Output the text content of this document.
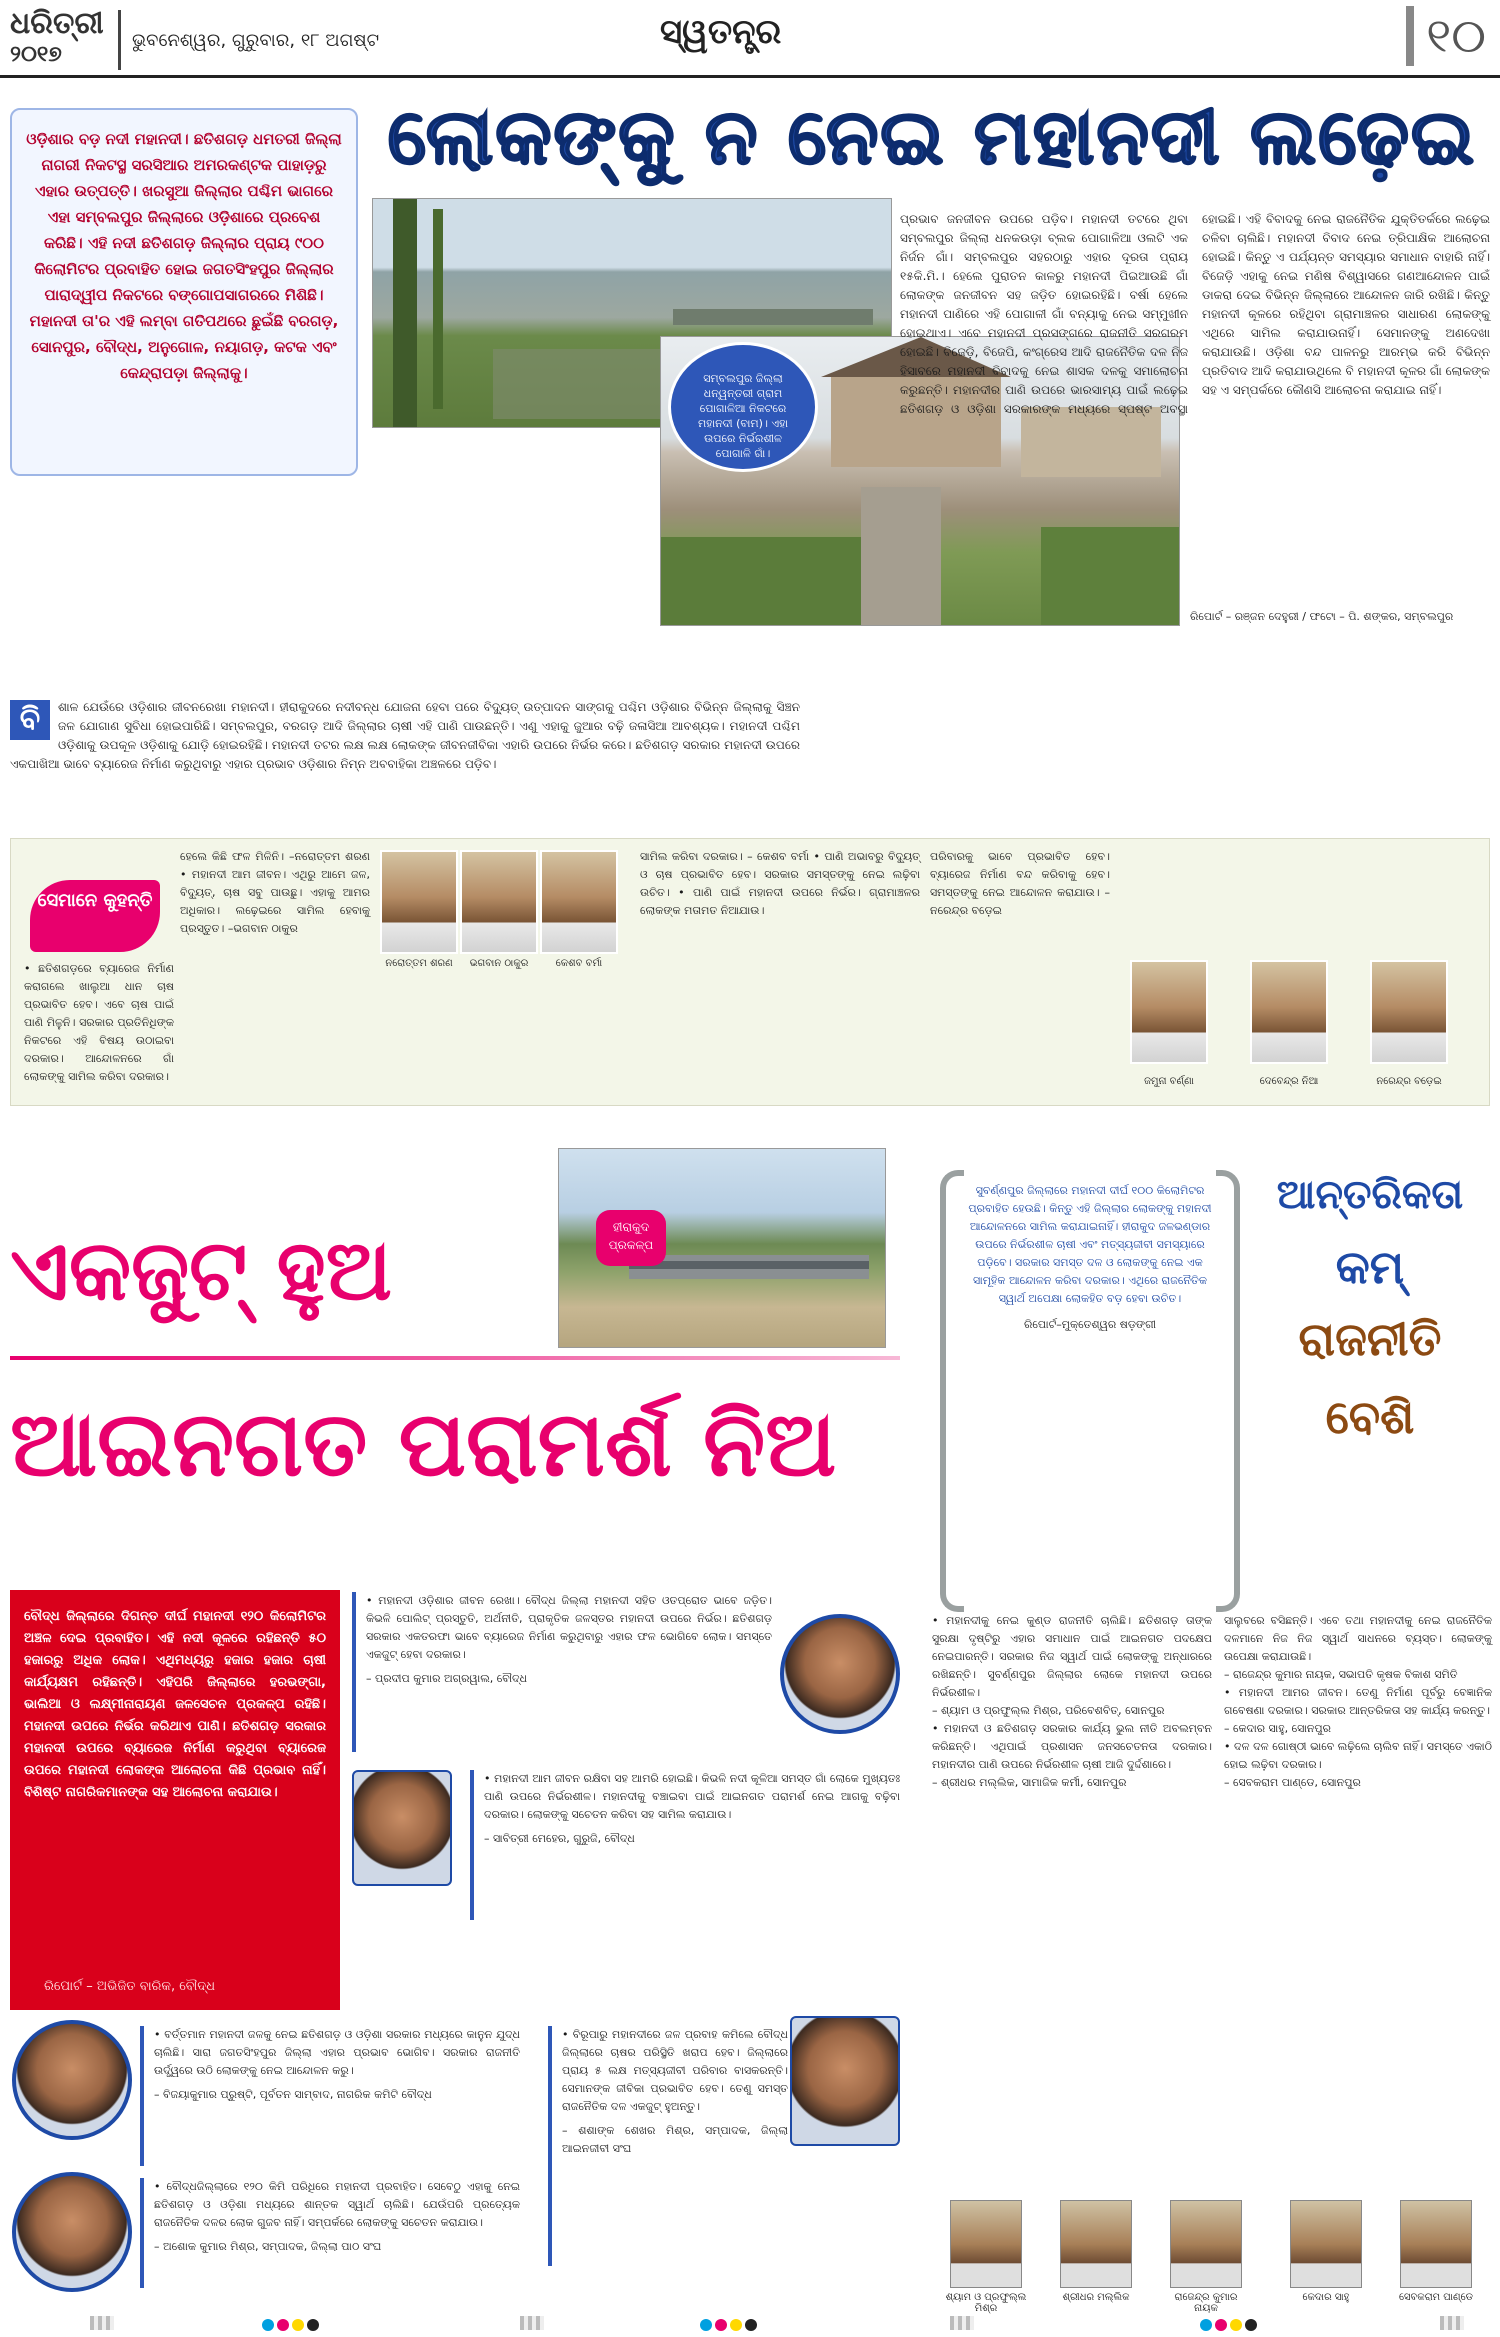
ଧରିତ୍ରୀ
୨୦୧୭
ଭୁବନେଶ୍ୱର, ଗୁରୁବାର, ୧୮ ଅଗଷ୍ଟ	ସ୍ୱତନ୍ତ୍ର	୧୦

ଓଡ଼ିଶାର ବଡ଼ ନଦୀ ମହାନଦୀ। ଛତିଶଗଡ଼ ଧମତରୀ ଜିଲ୍ଲା ନାଗରୀ ନିକଟସ୍ଥ ସରସିଆର ଅମରକଣ୍ଟକ ପାହାଡ଼ରୁ ଏହାର ଉତ୍ପତ୍ତି। ଖରସୁଆ ଜିଲ୍ଲାର ପଶ୍ଚିମ ଭାଗରେ ଏହା ସମ୍ବଲପୁର ଜିଲ୍ଲାରେ ଓଡ଼ିଶାରେ ପ୍ରବେଶ କରିଛି। ଏହି ନଦୀ ଛତିଶଗଡ଼ ଜିଲ୍ଲାର ପ୍ରାୟ ୯୦୦ କିଲୋମିଟର ପ୍ରବାହିତ ହୋଇ ଜଗତସିଂହପୁର ଜିଲ୍ଲାର ପାରାଦ୍ୱୀପ ନିକଟରେ ବଙ୍ଗୋପସାଗରରେ ମିଶିଛି। ମହାନଦୀ ତା'ର ଏହି ଲମ୍ବା ଗତିପଥରେ ଛୁଇଁଛି ବରଗଡ଼, ସୋନପୁର, ବୌଦ୍ଧ, ଅନୁଗୋଳ, ନୟାଗଡ଼, କଟକ ଏବଂ କେନ୍ଦ୍ରାପଡ଼ା ଜିଲ୍ଲାକୁ।

ଲୋକଙ୍କୁ ନ ନେଇ ମହାନଦୀ ଲଢ଼େଇ
ସମ୍ବଲପୁର ଜିଲ୍ଲା ଧନ୍ୱନ୍ତରୀ ଗ୍ରାମ ପୋଗାଳିଆ ନିକଟରେ ମହାନଦୀ (ବାମ)। ଏହା ଉପରେ ନିର୍ଭରଶୀଳ ପୋଗାଳି ଗାଁ।
ପ୍ରଭାବ ଜନଜୀବନ ଉପରେ ପଡ଼ିବ। ମହାନଦୀ ତଟରେ ଥିବା ସମ୍ବଲପୁର ଜିଲ୍ଲା ଧନକଉଡ଼ା ବ୍ଲକ ପୋଗାଳିଆ ଓଲଟି ଏକ ନିର୍ଜନ ଗାଁ। ସମ୍ବଲପୁର ସହରଠାରୁ ଏହାର ଦୂରତା ପ୍ରାୟ ୧୫କି.ମି.। ହେଲେ ପୁରାତନ କାଳରୁ ମହାନଦୀ ପିଇଆଉଛି ଗାଁ ଲୋକଙ୍କ ଜନଜୀବନ ସହ ଜଡ଼ିତ ହୋଇରହିଛି। ବର୍ଷା ହେଲେ ମହାନଦୀ ପାଣିରେ ଏହି ପୋଗାଳୀ ଗାଁ ବନ୍ୟାକୁ ନେଇ ସମ୍ମୁଖୀନ ହୋଇଥାଏ। ଏବେ ମହାନଦୀ ପ୍ରସଙ୍ଗରେ ରାଜନୀତି ସରଗରମ ହୋଇଛି। ବିଜେଡ଼ି, ବିଜେପି, କଂଗ୍ରେସ ଆଦି ରାଜନୈତିକ ଦଳ ନିଜ ହିସାବରେ ମହାନଦୀ ବିବାଦକୁ ନେଇ ଶାସକ ଦଳକୁ ସମାଲୋଚନା କରୁଛନ୍ତି। ମହାନଦୀର ପାଣି ଉପରେ ଭାରସାମ୍ୟ ପାଇଁ ଲଢ଼େଇ ଛତିଶଗଡ଼ ଓ ଓଡ଼ିଶା ସରକାରଙ୍କ ମଧ୍ୟରେ ସ୍ପଷ୍ଟ ଅବସ୍ଥା ହୋଇଛି। ଏହି ବିବାଦକୁ ନେଇ ରାଜନୈତିକ ଯୁକ୍ତିତର୍କରେ ଲଢ଼େଇ ଚଳିବା ଚାଲିଛି। ମହାନଦୀ ବିବାଦ ନେଇ ତ୍ରିପାକ୍ଷିକ ଆଲୋଚନା ହୋଇଛି। କିନ୍ତୁ ଏ ପର୍ଯ୍ୟନ୍ତ ସମସ୍ୟାର ସମାଧାନ ବାହାରି ନାହିଁ। ବିଜେଡ଼ି ଏହାକୁ ନେଇ ମଣିଷ ବିଶ୍ୱାସରେ ଗଣଆନ୍ଦୋଳନ ପାଇଁ ଡାକରା ଦେଇ ବିଭିନ୍ନ ଜିଲ୍ଲାରେ ଆନ୍ଦୋଳନ ଜାରି ରଖିଛି। କିନ୍ତୁ ମହାନଦୀ କୂଳରେ ରହିଥିବା ଗ୍ରାମାଞ୍ଚଳର ସାଧାରଣ ଲୋକଙ୍କୁ ଏଥିରେ ସାମିଲ କରାଯାଉନାହିଁ। ସେମାନଙ୍କୁ ଅଣଦେଖା କରାଯାଉଛି। ଓଡ଼ିଶା ବନ୍ଦ ପାଳନରୁ ଆରମ୍ଭ କରି ବିଭିନ୍ନ ପ୍ରତିବାଦ ଆଦି କରାଯାଉଥିଲେ ବି ମହାନଦୀ କୂଳର ଗାଁ ଲୋକଙ୍କ ସହ ଏ ସମ୍ପର୍କରେ କୌଣସି ଆଲୋଚନା କରାଯାଇ ନାହିଁ।
ରିପୋର୍ଟ – ରଞ୍ଜନ ଦେହୁରୀ / ଫଟୋ – ପି. ଶଙ୍କର, ସମ୍ବଲପୁର
ବି	ଶାଳ ଯେଉଁରେ ଓଡ଼ିଶାର ଜୀବନରେଖା ମହାନଦୀ। ହୀରାକୁଦରେ ନଦୀବନ୍ଧ ଯୋଜନା ହେବା ପରେ ବିଦ୍ୟୁତ୍ ଉତ୍ପାଦନ ସାଙ୍ଗକୁ ପଶ୍ଚିମ ଓଡ଼ିଶାର ବିଭିନ୍ନ ଜିଲ୍ଲାକୁ ସିଞ୍ଚନ ଜଳ ଯୋଗାଣ ସୁବିଧା ହୋଇପାରିଛି। ସମ୍ବଲପୁର, ବରଗଡ଼ ଆଦି ଜିଲ୍ଲାର ଚାଷୀ ଏହି ପାଣି ପାଉଛନ୍ତି। ଏଣୁ ଏହାକୁ ଜୁଆର ବଢ଼ି ଜଳାସିଆ ଆବଶ୍ୟକ। ମହାନଦୀ ପଶ୍ଚିମ ଓଡ଼ିଶାକୁ ଉପକୂଳ ଓଡ଼ିଶାକୁ ଯୋଡ଼ି ହୋଇରହିଛି। ମହାନଦୀ ତଟର ଲକ୍ଷ ଲକ୍ଷ ଲୋକଙ୍କ ଜୀବନଜୀବିକା ଏହାରି ଉପରେ ନିର୍ଭର କରେ। ଛତିଶଗଡ଼ ସରକାର ମହାନଦୀ ଉପରେ ଏକପାଖିଆ ଭାବେ ବ୍ୟାରେଜ ନିର୍ମାଣ କରୁଥିବାରୁ ଏହାର ପ୍ରଭାବ ଓଡ଼ିଶାର ନିମ୍ନ ଅବବାହିକା ଅଞ୍ଚଳରେ ପଡ଼ିବ।
ସେମାନେ କୁହନ୍ତି
• ଛତିଶଗଡ଼ରେ ବ୍ୟାରେଜ ନିର୍ମାଣ କରାଗଲେ ଖାଲୁଆ ଧାନ ଚାଷ ପ୍ରଭାବିତ ହେବ। ଏବେ ଚାଷ ପାଇଁ ପାଣି ମିଳୁନି। ସରକାର ପ୍ରତିନିଧିଙ୍କ ନିକଟରେ ଏହି ବିଷୟ ଉଠାଇବା ଦରକାର। ଆନ୍ଦୋଳନରେ ଗାଁ ଲୋକଙ୍କୁ ସାମିଲ କରିବା ଦରକାର।
ହେଲେ କିଛି ଫଳ ମିଳିନି। –ନରୋତ୍ତମ ଶରଣ • ମହାନଦୀ ଆମ ଜୀବନ। ଏଥିରୁ ଆମେ ଜଳ, ବିଦ୍ୟୁତ୍, ଚାଷ ସବୁ ପାଉଛୁ। ଏହାକୁ ଆମର ଅଧିକାର। ଲଢ଼େଇରେ ସାମିଲ ହେବାକୁ ପ୍ରସ୍ତୁତ। –ଭଗବାନ ଠାକୁର
ନରୋତ୍ତମ ଶରଣ	ଭଗବାନ ଠାକୁର	କେଶବ ବର୍ମା
ସାମିଲ କରିବା ଦରକାର। – କେଶବ ବର୍ମା • ପାଣି ଅଭାବରୁ ବିଦ୍ୟୁତ୍ ଓ ଚାଷ ପ୍ରଭାବିତ ହେବ। ସରକାର ସମସ୍ତଙ୍କୁ ନେଇ ଲଢ଼ିବା ଉଚିତ। • ପାଣି ପାଇଁ ମହାନଦୀ ଉପରେ ନିର୍ଭର। ଗ୍ରାମାଞ୍ଚଳର ଲୋକଙ୍କ ମତାମତ ନିଆଯାଉ।
ପରିବାରକୁ ଭାବେ ପ୍ରଭାବିତ ହେବ। ବ୍ୟାରେଜ ନିର୍ମାଣ ବନ୍ଦ କରିବାକୁ ହେବ। ସମସ୍ତଙ୍କୁ ନେଇ ଆନ୍ଦୋଳନ କରାଯାଉ। – ନରେନ୍ଦ୍ର ବଡ଼େଇ
ଜମୁନା ବର୍ଣ୍ଣା	ଦେବେନ୍ଦ୍ର ନିଆ	ନରେନ୍ଦ୍ର ବଡ଼େଇ
ହୀରାକୁଦ ପ୍ରକଳ୍ପ
ଏକଜୁଟ୍ ହୁଅ
ଆଇନଗତ ପରାମର୍ଶ ନିଅ
ସୁବର୍ଣ୍ଣପୁର ଜିଲ୍ଲାରେ ମହାନଦୀ ଦୀର୍ଘ ୧୦୦ କିଲୋମିଟର ପ୍ରବାହିତ ହେଉଛି। କିନ୍ତୁ ଏହି ଜିଲ୍ଲାର ଲୋକଙ୍କୁ ମହାନଦୀ ଆନ୍ଦୋଳନରେ ସାମିଲ କରାଯାଇନାହିଁ। ହୀରାକୁଦ ଜଳଭଣ୍ଡାର ଉପରେ ନିର୍ଭରଶୀଳ ଚାଷୀ ଏବଂ ମତ୍ସ୍ୟଜୀବୀ ସମସ୍ୟାରେ ପଡ଼ିବେ। ସରକାର ସମସ୍ତ ଦଳ ଓ ଲୋକଙ୍କୁ ନେଇ ଏକ ସାମୂହିକ ଆନ୍ଦୋଳନ କରିବା ଦରକାର। ଏଥିରେ ରାଜନୈତିକ ସ୍ୱାର୍ଥ ଅପେକ୍ଷା ଲୋକହିତ ବଡ଼ ହେବା ଉଚିତ।
ରିପୋର୍ଟ–ମୁକ୍ତେଶ୍ୱର ଷଡ଼ଙ୍ଗୀ
ଆନ୍ତରିକତା
କମ୍
ରାଜନୀତି
ବେଶି
ବୌଦ୍ଧ ଜିଲ୍ଲାରେ ଦିଗନ୍ତ ଦୀର୍ଘ ମହାନଦୀ ୧୨୦ କିଲୋମିଟର ଅଞ୍ଚଳ ଦେଇ ପ୍ରବାହିତ। ଏହି ନଦୀ କୂଳରେ ରହିଛନ୍ତି ୫୦ ହଜାରରୁ ଅଧିକ ଲୋକ। ଏଥିମଧ୍ୟରୁ ହଜାର ହଜାର ଚାଷୀ କାର୍ଯ୍ୟକ୍ଷମ ରହିଛନ୍ତି। ଏହିପରି ଜିଲ୍ଲାରେ ହରଭଙ୍ଗା, ଭାଲିଆ ଓ ଲକ୍ଷ୍ମୀନାରାୟଣ ଜଳସେଚନ ପ୍ରକଳ୍ପ ରହିଛି। ମହାନଦୀ ଉପରେ ନିର୍ଭର କରିଥାଏ ପାଣି। ଛତିଶଗଡ଼ ସରକାର ମହାନଦୀ ଉପରେ ବ୍ୟାରେଜ ନିର୍ମାଣ କରୁଥିବା ବ୍ୟାରେଜ ଉପରେ ମହାନଦୀ ଲୋକଙ୍କ ଆଲୋଚନା କିଛି ପ୍ରଭାବ ନାହିଁ। ବିଶିଷ୍ଟ ନାଗରିକମାନଙ୍କ ସହ ଆଲୋଚନା କରାଯାଉ।
ରିପୋର୍ଟ – ଅଭିଜିତ ବାରିକ, ବୌଦ୍ଧ
• ମହାନଦୀ ଓଡ଼ିଶାର ଜୀବନ ରେଖା। ବୌଦ୍ଧ ଜିଲ୍ଲା ମହାନଦୀ ସହିତ ଓତପ୍ରୋତ ଭାବେ ଜଡ଼ିତ। କିଭଳି ପୋଲିଟ୍ ପ୍ରସ୍ତୁତି, ଅର୍ଥନୀତି, ପ୍ରାକୃତିକ ଜଳସ୍ତର ମହାନଦୀ ଉପରେ ନିର୍ଭର। ଛତିଶଗଡ଼ ସରକାର ଏକତରଫା ଭାବେ ବ୍ୟାରେଜ ନିର୍ମାଣ କରୁଥିବାରୁ ଏହାର ଫଳ ଭୋଗିବେ ଲୋକ। ସମସ୍ତେ ଏକଜୁଟ୍ ହେବା ଦରକାର।
– ପ୍ରଦୀପ କୁମାର ଅଗ୍ରୱାଲ, ବୌଦ୍ଧ
• ମହାନଦୀ ଆମ ଜୀବନ ରକ୍ଷିବା ସହ ଆମରି ହୋଇଛି। କିଭଳି ନଦୀ କୂଳିଆ ସମସ୍ତ ଗାଁ ଲୋକେ ମୁଖ୍ୟତଃ ପାଣି ଉପରେ ନିର୍ଭରଶୀଳ। ମହାନଦୀକୁ ବଞ୍ଚାଇବା ପାଇଁ ଆଇନଗତ ପରାମର୍ଶ ନେଇ ଆଗକୁ ବଢ଼ିବା ଦରକାର। ଲୋକଙ୍କୁ ସଚେତନ କରିବା ସହ ସାମିଲ କରାଯାଉ।
– ସାବିତ୍ରୀ ମେହେର, ଗୁରୁଜି, ବୌଦ୍ଧ
• ବର୍ତ୍ତମାନ ମହାନଦୀ ଜଳକୁ ନେଇ ଛତିଶଗଡ଼ ଓ ଓଡ଼ିଶା ସରକାର ମଧ୍ୟରେ କାନୁନ ଯୁଦ୍ଧ ଚାଲିଛି। ସାରା ଜଗତସିଂହପୁର ଜିଲ୍ଲା ଏହାର ପ୍ରଭାବ ଭୋଗିବ। ସରକାର ରାଜନୀତି ଉର୍ଦ୍ଧ୍ୱରେ ଉଠି ଲୋକଙ୍କୁ ନେଇ ଆନ୍ଦୋଳନ କରୁ।
– ବିଜୟାକୁମାର ପ୍ରୁଷ୍ଟି, ପୂର୍ବତନ ସାମ୍ବାଦ, ନାଗରିକ କମିଟି ବୌଦ୍ଧ
• ବିରୂପାରୁ ମହାନଦୀରେ ଜଳ ପ୍ରବାହ କମିଲେ ବୌଦ୍ଧ ଜିଲ୍ଲାରେ ଚାଷର ପରିସ୍ଥିତି ଖରାପ ହେବ। ଜିଲ୍ଲାରେ ପ୍ରାୟ ୫ ଲକ୍ଷ ମତ୍ସ୍ୟଜୀବୀ ପରିବାର ବାସକରନ୍ତି। ସେମାନଙ୍କ ଜୀବିକା ପ୍ରଭାବିତ ହେବ। ତେଣୁ ସମସ୍ତ ରାଜନୈତିକ ଦଳ ଏକଜୁଟ୍ ହୁଅନ୍ତୁ।
– ଶଶାଙ୍କ ଶେଖର ମିଶ୍ର, ସମ୍ପାଦକ, ଜିଲ୍ଲା ଆଇନଜୀବୀ ସଂଘ
• ବୌଦ୍ଧଜିଲ୍ଲାରେ ୧୨୦ କିମି ପରିଧିରେ ମହାନଦୀ ପ୍ରବାହିତ। ସେବେଠୁ ଏହାକୁ ନେଇ ଛତିଶଗଡ଼ ଓ ଓଡ଼ିଶା ମଧ୍ୟରେ ଶାନ୍ତକ ସ୍ୱାର୍ଥ ଚାଲିଛି। ଯେଉଁପରି ପ୍ରତ୍ୟେକ ରାଜନୈତିକ ଦଳର ଲୋକ ଗୁଜବ ନାହିଁ। ସମ୍ପର୍କରେ ଲୋକଙ୍କୁ ସଚେତନ କରାଯାଉ।
– ଅଶୋକ କୁମାର ମିଶ୍ର, ସମ୍ପାଦକ, ଜିଲ୍ଲା ପାଠ ସଂଘ
• ମହାନଦୀକୁ ନେଇ କୁଣ୍ଡ ରାଜନୀତି ଚାଲିଛି। ଛତିଶଗଡ଼ ତାଙ୍କ ସୁରକ୍ଷା ଦୃଷ୍ଟିରୁ ଏହାର ସମାଧାନ ପାଇଁ ଆଇନଗତ ପଦକ୍ଷେପ ନେଇପାରନ୍ତି। ସରକାର ନିଜ ସ୍ୱାର୍ଥ ପାଇଁ ଲୋକଙ୍କୁ ଅନ୍ଧାରରେ ରଖିଛନ୍ତି। ସୁବର୍ଣ୍ଣପୁର ଜିଲ୍ଲାର ଲୋକେ ମହାନଦୀ ଉପରେ ନିର୍ଭରଶୀଳ।
– ଶ୍ୟାମ ଓ ପ୍ରଫୁଲ୍ଲ ମିଶ୍ର, ପରିବେଶବିତ୍, ସୋନପୁର
• ମହାନଦୀ ଓ ଛତିଶଗଡ଼ ସରକାର କାର୍ଯ୍ୟ ଭୁଲ ନୀତି ଅବଲମ୍ବନ କରିଛନ୍ତି। ଏଥିପାଇଁ ପ୍ରଶାସନ ଜନସଚେତନତା ଦରକାର। ମହାନଦୀର ପାଣି ଉପରେ ନିର୍ଭରଶୀଳ ଚାଷୀ ଆଜି ଦୁର୍ଦ୍ଦଶାରେ।
– ଶ୍ରୀଧର ମଲ୍ଲିକ, ସାମାଜିକ କର୍ମୀ, ସୋନପୁର
ସାଲୁବରେ ବସିଛନ୍ତି। ଏବେ ତଥା ମହାନଦୀକୁ ନେଇ ରାଜନୈତିକ ଦଳମାନେ ନିଜ ନିଜ ସ୍ୱାର୍ଥ ସାଧନରେ ବ୍ୟସ୍ତ। ଲୋକଙ୍କୁ ଉପେକ୍ଷା କରାଯାଉଛି।
– ରାଜେନ୍ଦ୍ର କୁମାର ନାୟକ, ସଭାପତି କୃଷକ ବିକାଶ ସମିତି
• ମହାନଦୀ ଆମର ଜୀବନ। ତେଣୁ ନିର୍ମାଣ ପୂର୍ବରୁ ବେଜ୍ଞାନିକ ଗବେଷଣା ଦରକାର। ସରକାର ଆନ୍ତରିକତା ସହ କାର୍ଯ୍ୟ କରନ୍ତୁ।
– କେଦାର ସାହୁ, ସୋନପୁର
• ଦଳ ଦଳ ଗୋଷ୍ଠୀ ଭାବେ ଲଢ଼ିଲେ ଚାଲିବ ନାହିଁ। ସମସ୍ତେ ଏକାଠି ହୋଇ ଲଢ଼ିବା ଦରକାର।
– ସେବକରାମ ପାଣ୍ଡେ, ସୋନପୁର
ଶ୍ୟାମ ଓ ପ୍ରଫୁଲ୍ଲ ମିଶ୍ର
ଶ୍ରୀଧର ମଲ୍ଲିକ	ରାଜେନ୍ଦ୍ର କୁମାର ନାୟକ
କେଦାର ସାହୁ	ସେବକରାମ ପାଣ୍ଡେ
